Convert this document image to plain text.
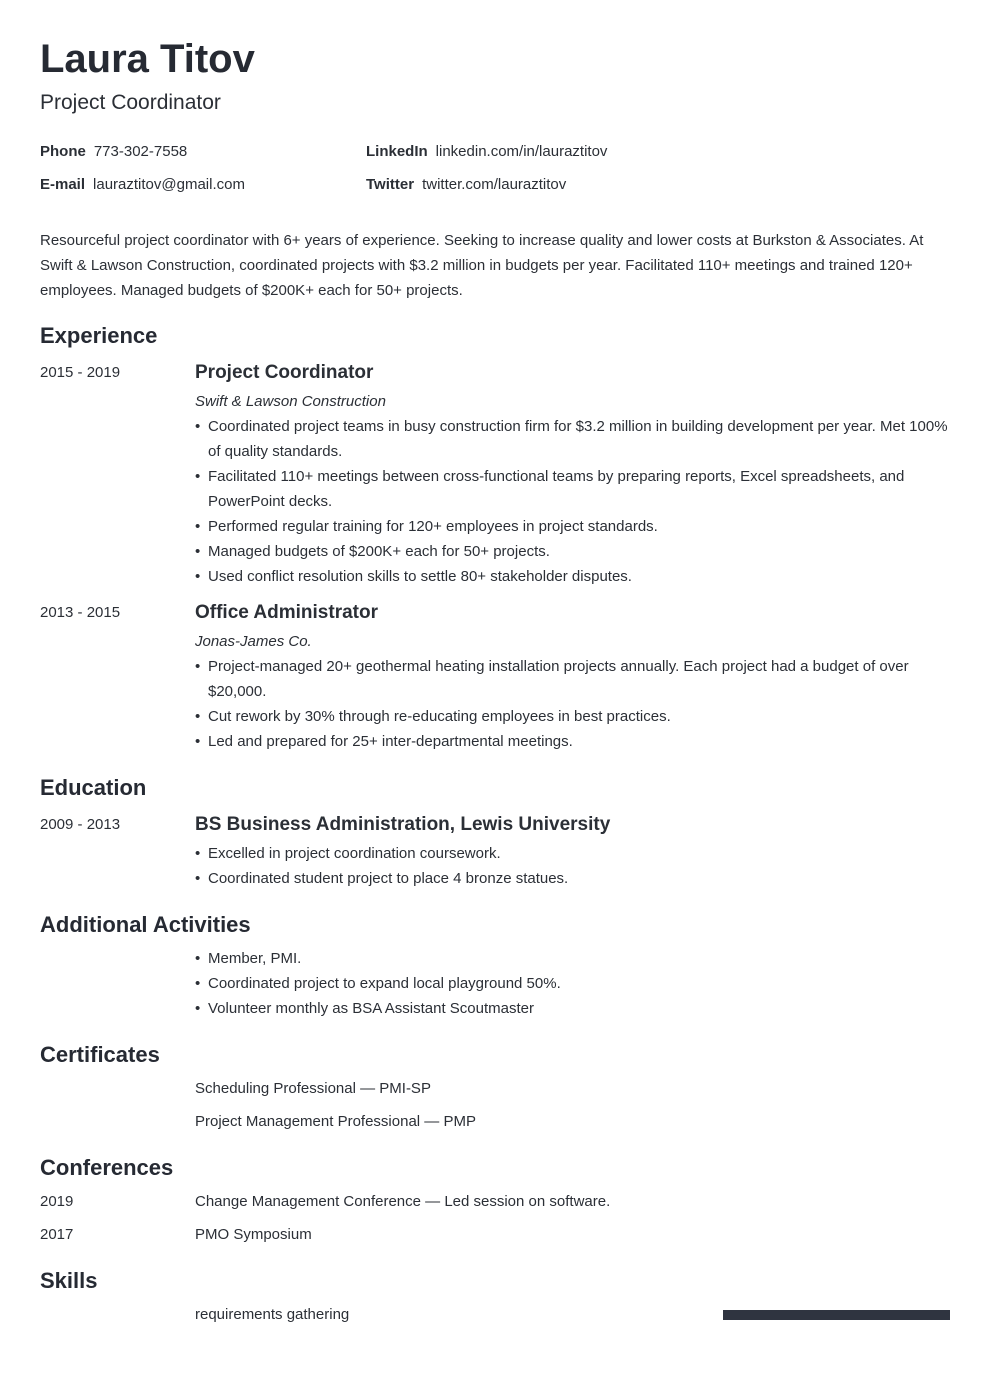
Laura Titov
Project Coordinator
Phone 773-302-7558
E-mail lauraztitov@gmail.com
LinkedIn linkedin.com/in/lauraztitov
Twitter twitter.com/lauraztitov

Resourceful project coordinator with 6+ years of experience. Seeking to increase quality and lower costs at Burkston & Associates. At Swift & Lawson Construction, coordinated projects with $3.2 million in budgets per year. Facilitated 110+ meetings and trained 120+ employees. Managed budgets of $200K+ each for 50+ projects.

Experience
2015 - 2019	Project Coordinator
Swift & Lawson Construction
• Coordinated project teams in busy construction firm for $3.2 million in building development per year. Met 100% of quality standards.
• Facilitated 110+ meetings between cross-functional teams by preparing reports, Excel spreadsheets, and PowerPoint decks.
• Performed regular training for 120+ employees in project standards.
• Managed budgets of $200K+ each for 50+ projects.
• Used conflict resolution skills to settle 80+ stakeholder disputes.
2013 - 2015	Office Administrator
Jonas-James Co.
• Project-managed 20+ geothermal heating installation projects annually. Each project had a budget of over $20,000.
• Cut rework by 30% through re-educating employees in best practices.
• Led and prepared for 25+ inter-departmental meetings.
Education
2009 - 2013	BS Business Administration, Lewis University
• Excelled in project coordination coursework.
• Coordinated student project to place 4 bronze statues.
Additional Activities
• Member, PMI.
• Coordinated project to expand local playground 50%.
• Volunteer monthly as BSA Assistant Scoutmaster
Certificates
Scheduling Professional — PMI-SP
Project Management Professional — PMP
Conferences
2019	Change Management Conference — Led session on software.
2017	PMO Symposium
Skills
requirements gathering
